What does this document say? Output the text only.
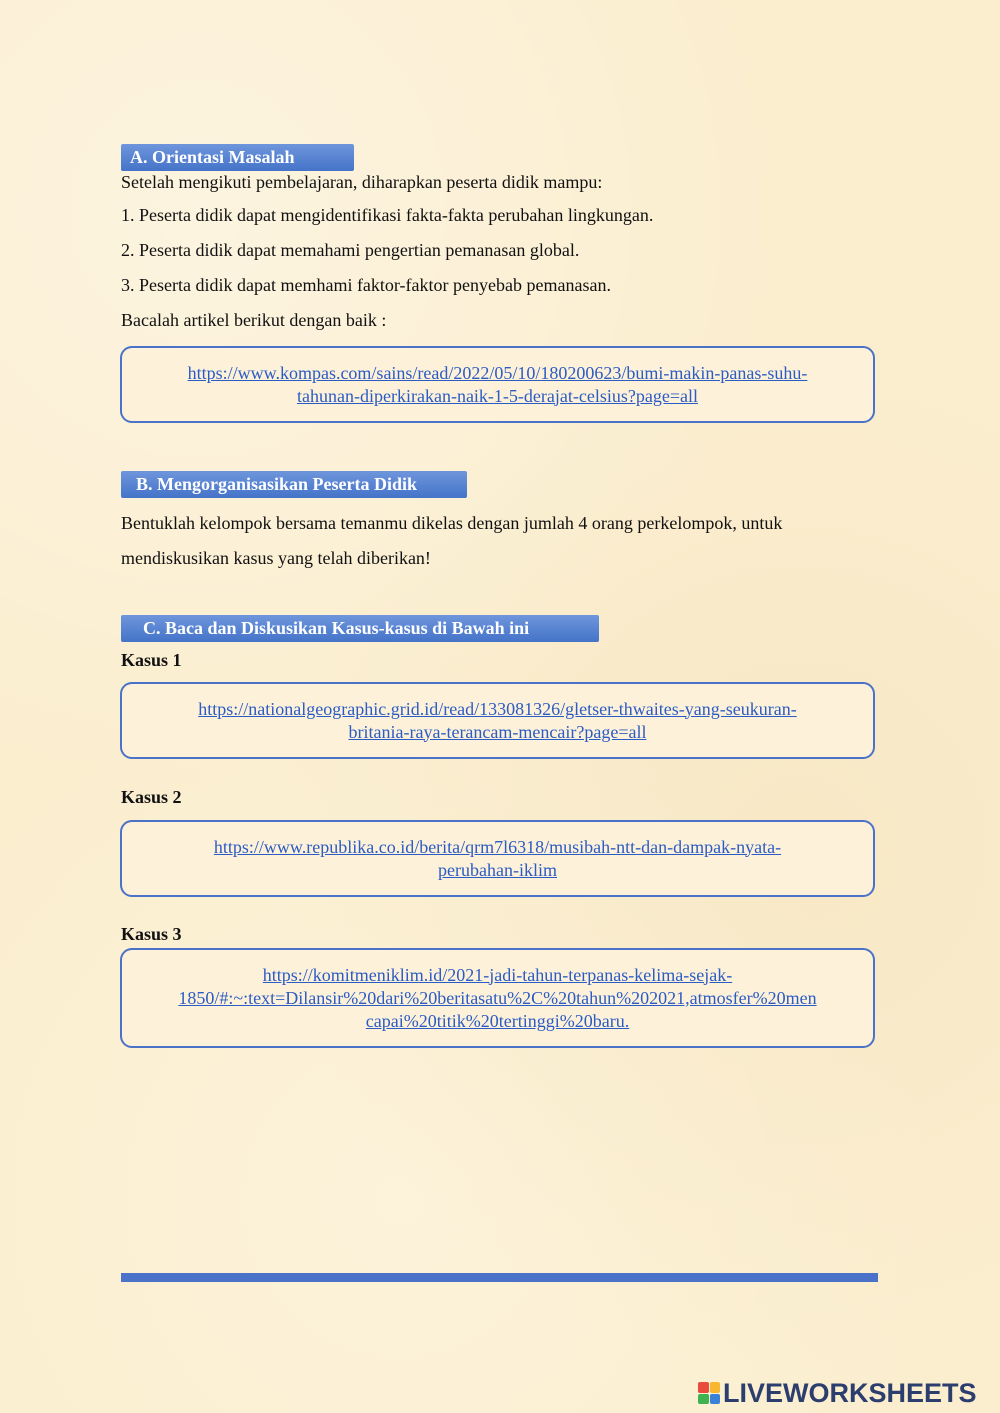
A. Orientasi Masalah
Setelah mengikuti pembelajaran, diharapkan peserta didik mampu:
1. Peserta didik dapat mengidentifikasi fakta-fakta perubahan lingkungan.
2. Peserta didik dapat memahami pengertian pemanasan global.
3. Peserta didik dapat memhami faktor-faktor penyebab pemanasan.
Bacalah artikel berikut dengan baik :
https://www.kompas.com/sains/read/2022/05/10/180200623/bumi-makin-panas-suhu-
tahunan-diperkirakan-naik-1-5-derajat-celsius?page=all
B. Mengorganisasikan Peserta Didik
Bentuklah kelompok bersama temanmu dikelas dengan jumlah 4 orang perkelompok, untuk
mendiskusikan kasus yang telah diberikan!
C. Baca dan Diskusikan Kasus-kasus di Bawah ini
Kasus 1
https://nationalgeographic.grid.id/read/133081326/gletser-thwaites-yang-seukuran-
britania-raya-terancam-mencair?page=all
Kasus 2
https://www.republika.co.id/berita/qrm7l6318/musibah-ntt-dan-dampak-nyata-
perubahan-iklim
Kasus 3
https://komitmeniklim.id/2021-jadi-tahun-terpanas-kelima-sejak-
1850/#:~:text=Dilansir%20dari%20beritasatu%2C%20tahun%202021,atmosfer%20men
capai%20titik%20tertinggi%20baru.
LIVEWORKSHEETS
